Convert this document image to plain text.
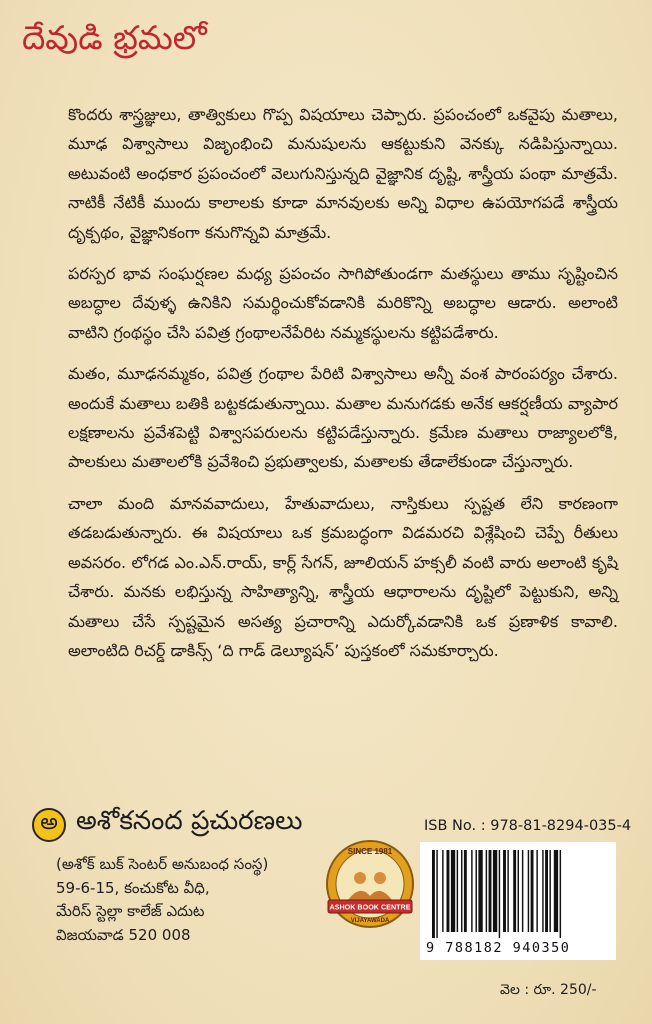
దేవుడి భ్రమలో

కొందరు శాస్త్రజ్ఞులు, తాత్వికులు గొప్ప విషయాలు చెప్పారు. ప్రపంచంలో ఒకవైపు మతాలు, మూఢ విశ్వాసాలు విజృంభించి మనుషులను ఆకట్టుకుని వెనక్కు నడిపిస్తున్నాయి. అటువంటి అంధకార ప్రపంచంలో వెలుగునిస్తున్నది వైజ్ఞానిక దృష్టి, శాస్త్రీయ పంథా మాత్రమే. నాటికీ నేటికీ ముందు కాలాలకు కూడా మానవులకు అన్ని విధాల ఉపయోగపడే శాస్త్రీయ దృక్పథం, వైజ్ఞానికంగా కనుగొన్నవి మాత్రమే.

పరస్పర భావ సంఘర్షణల మధ్య ప్రపంచం సాగిపోతుండగా మతస్థులు తాము సృష్టించిన అబద్ధాల దేవుళ్ళ ఉనికిని సమర్థించుకోవడానికి మరికొన్ని అబద్ధాల ఆడారు. అలాంటి వాటిని గ్రంథస్థం చేసి పవిత్ర గ్రంథాలనేపేరిట నమ్మకస్థులను కట్టిపడేశారు.

మతం, మూఢనమ్మకం, పవిత్ర గ్రంథాల పేరిటి విశ్వాసాలు అన్నీ వంశ పారంపర్యం చేశారు. అందుకే మతాలు బతికి బట్టకడుతున్నాయి. మతాల మనుగడకు అనేక ఆకర్షణీయ వ్యాపార లక్షణాలను ప్రవేశపెట్టి విశ్వాసపరులను కట్టిపడేస్తున్నారు. క్రమేణ మతాలు రాజ్యాలలోకి, పాలకులు మతాలలోకి ప్రవేశించి ప్రభుత్వాలకు, మతాలకు తేడాలేకుండా చేస్తున్నారు.

చాలా మంది మానవవాదులు, హేతువాదులు, నాస్తికులు స్పష్టత లేని కారణంగా తడబడుతున్నారు. ఈ విషయాలు ఒక క్రమబద్ధంగా విడమరచి విశ్లేషించి చెప్పే రీతులు అవసరం. లోగడ ఎం.ఎన్.రాయ్, కార్ల్ సేగన్, జూలియన్ హక్సలీ వంటి వారు అలాంటి కృషి చేశారు. మనకు లభిస్తున్న సాహిత్యాన్ని, శాస్త్రీయ ఆధారాలను దృష్టిలో పెట్టుకుని, అన్ని మతాలు చేసే స్పష్టమైన అసత్య ప్రచారాన్ని ఎదుర్కోవడానికి ఒక ప్రణాళిక కావాలి. అలాంటిది రిచర్డ్ డాకిన్స్ ‘ది గాడ్ డెల్యూషన్’ పుస్తకంలో సమకూర్చారు.

అ అశోకనంద ప్రచురణలు
(అశోక్ బుక్ సెంటర్ అనుబంధ సంస్థ)
59-6-15, కంచుకోట వీధి,
మేరిస్ స్టెల్లా కాలేజ్ ఎదుట
విజయవాడ 520 008
SINCE 1981
ASHOK BOOK CENTRE
VIJAYAWADA
ISB No. : 978-81-8294-035-4
9 788182 940350
వెల : రూ. 250/-
